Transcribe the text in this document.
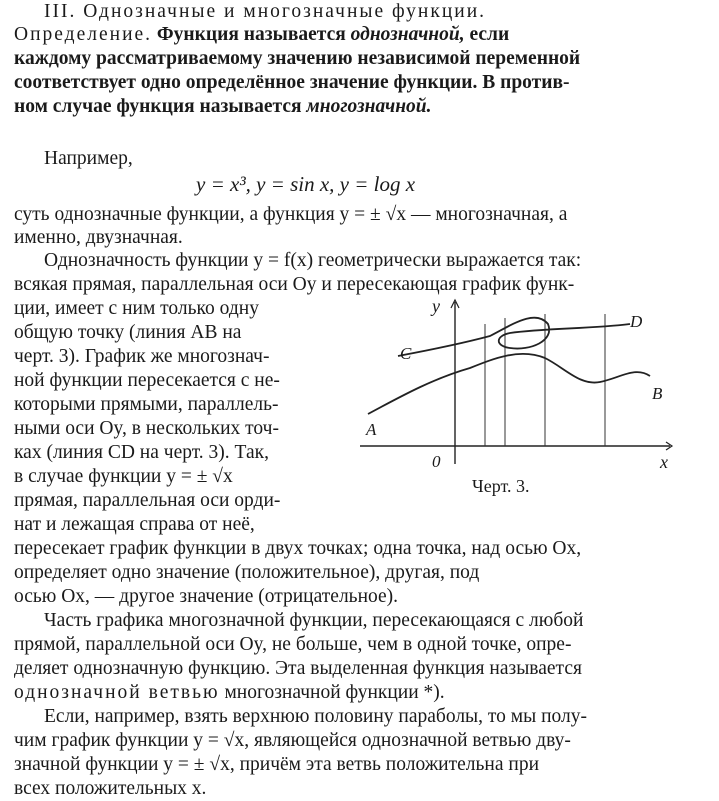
III. Однозначные и многозначные функции.
Определение. Функция называется однозначной, если
каждому рассматриваемому значению независимой переменной
соответствует одно определённое значение функции. В против-
ном случае функция называется многозначной.
Например,
y = x³, y = sin x, y = log x
суть однозначные функции, а функция y = ± √x — многозначная, а
именно, двузначная.
Однозначность функции y = f(x) геометрически выражается так:
всякая прямая, параллельная оси Oy и пересекающая график функ-
ции, имеет с ним только одну
общую точку (линия AB на
черт. 3). График же многознач-
ной функции пересекается с не-
которыми прямыми, параллель-
ными оси Oy, в нескольких точ-
ках (линия CD на черт. 3). Так,
в случае функции y = ± √x
прямая, параллельная оси орди-
нат и лежащая справа от неё,
пересекает график функции в двух точках; одна точка, над осью Ox,
определяет одно значение (положительное), другая, под
осью Ox, — другое значение (отрицательное).
Часть графика многозначной функции, пересекающаяся с любой
прямой, параллельной оси Oy, не больше, чем в одной точке, опре-
деляет однозначную функцию. Эта выделенная функция называется
однозначной ветвью многозначной функции *).
Если, например, взять верхнюю половину параболы, то мы полу-
чим график функции y = √x, являющейся однозначной ветвью дву-
значной функции y = ± √x, причём эта ветвь положительна при
всех положительных x.
y
x
0
A
B
C
D
Черт. 3.
